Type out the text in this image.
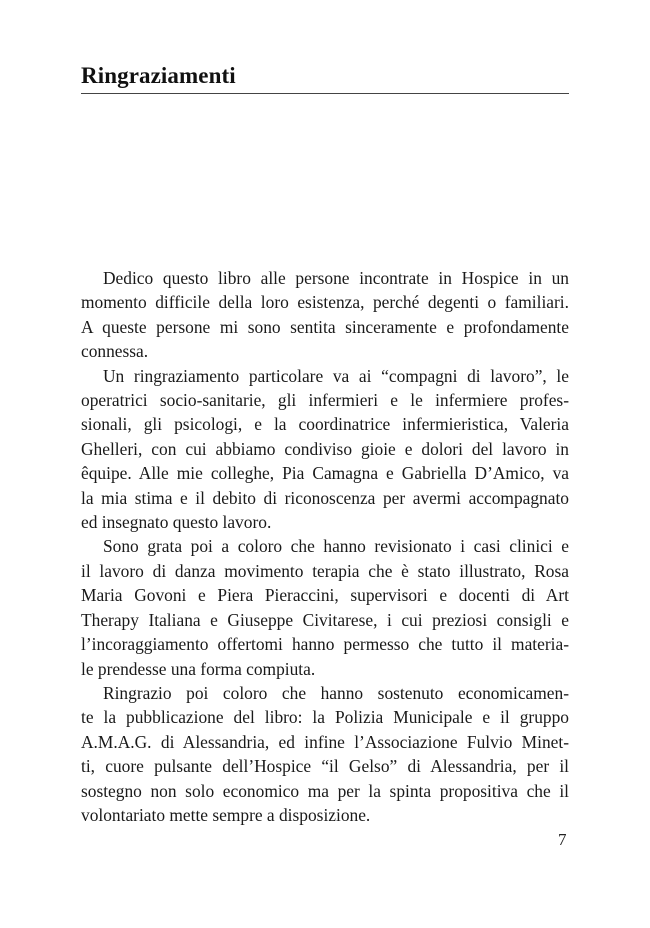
Ringraziamenti
Dedico questo libro alle persone incontrate in Hospice in un
momento difficile della loro esistenza, perché degenti o familiari.
A queste persone mi sono sentita sinceramente e profondamente
connessa.
Un ringraziamento particolare va ai “compagni di lavoro”, le
operatrici socio-sanitarie, gli infermieri e le infermiere profes-
sionali, gli psicologi, e la coordinatrice infermieristica, Valeria
Ghelleri, con cui abbiamo condiviso gioie e dolori del lavoro in
êquipe. Alle mie colleghe, Pia Camagna e Gabriella D’Amico, va
la mia stima e il debito di riconoscenza per avermi accompagnato
ed insegnato questo lavoro.
Sono grata poi a coloro che hanno revisionato i casi clinici e
il lavoro di danza movimento terapia che è stato illustrato, Rosa
Maria Govoni e Piera Pieraccini, supervisori e docenti di Art
Therapy Italiana e Giuseppe Civitarese, i cui preziosi consigli e
l’incoraggiamento offertomi hanno permesso che tutto il materia-
le prendesse una forma compiuta.
Ringrazio poi coloro che hanno sostenuto economicamen-
te la pubblicazione del libro: la Polizia Municipale e il gruppo
A.M.A.G. di Alessandria, ed infine l’Associazione Fulvio Minet-
ti, cuore pulsante dell’Hospice “il Gelso” di Alessandria, per il
sostegno non solo economico ma per la spinta propositiva che il
volontariato mette sempre a disposizione.
7
